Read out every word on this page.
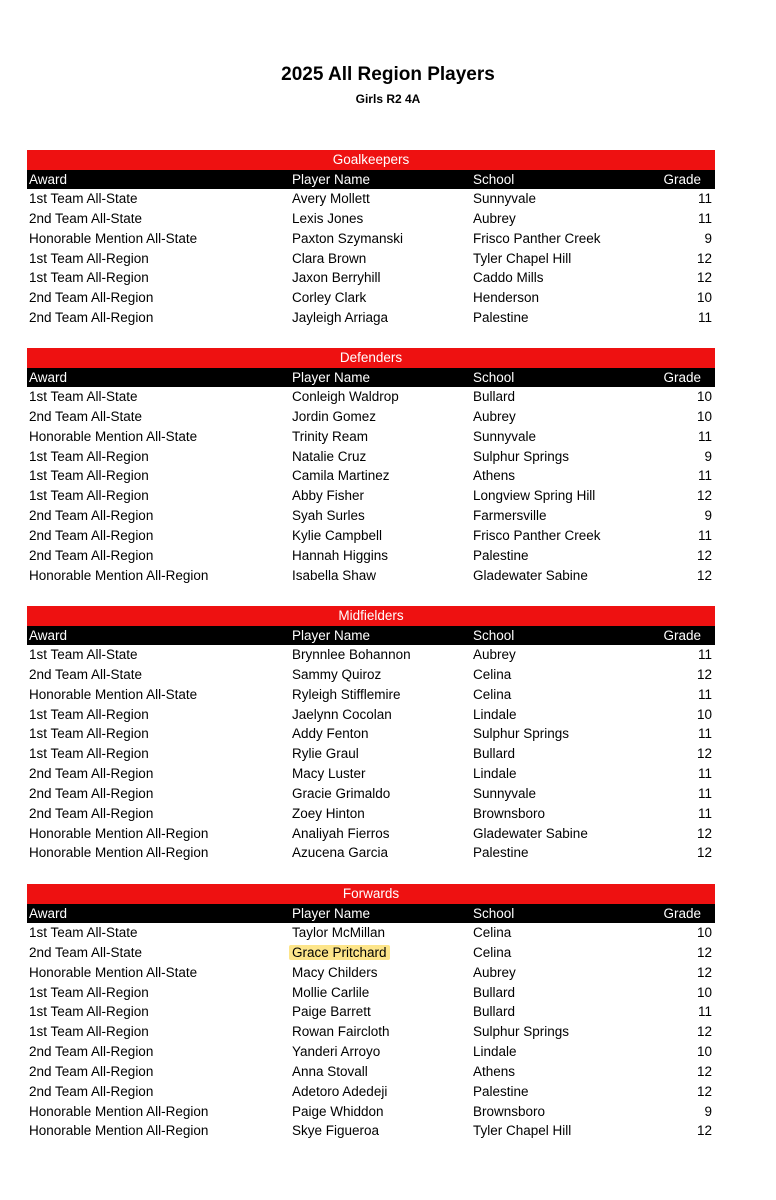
2025 All Region Players
Girls R2 4A
Goalkeepers
Award	Player Name	School	Grade
1st Team All-State	Avery Mollett	Sunnyvale	11
2nd Team All-State	Lexis Jones	Aubrey	11
Honorable Mention All-State	Paxton Szymanski	Frisco Panther Creek	9
1st Team All-Region	Clara Brown	Tyler Chapel Hill	12
1st Team All-Region	Jaxon Berryhill	Caddo Mills	12
2nd Team All-Region	Corley Clark	Henderson	10
2nd Team All-Region	Jayleigh Arriaga	Palestine	11
Defenders
Award	Player Name	School	Grade
1st Team All-State	Conleigh Waldrop	Bullard	10
2nd Team All-State	Jordin Gomez	Aubrey	10
Honorable Mention All-State	Trinity Ream	Sunnyvale	11
1st Team All-Region	Natalie Cruz	Sulphur Springs	9
1st Team All-Region	Camila Martinez	Athens	11
1st Team All-Region	Abby Fisher	Longview Spring Hill	12
2nd Team All-Region	Syah Surles	Farmersville	9
2nd Team All-Region	Kylie Campbell	Frisco Panther Creek	11
2nd Team All-Region	Hannah Higgins	Palestine	12
Honorable Mention All-Region	Isabella Shaw	Gladewater Sabine	12
Midfielders
Award	Player Name	School	Grade
1st Team All-State	Brynnlee Bohannon	Aubrey	11
2nd Team All-State	Sammy Quiroz	Celina	12
Honorable Mention All-State	Ryleigh Stifflemire	Celina	11
1st Team All-Region	Jaelynn Cocolan	Lindale	10
1st Team All-Region	Addy Fenton	Sulphur Springs	11
1st Team All-Region	Rylie Graul	Bullard	12
2nd Team All-Region	Macy Luster	Lindale	11
2nd Team All-Region	Gracie Grimaldo	Sunnyvale	11
2nd Team All-Region	Zoey Hinton	Brownsboro	11
Honorable Mention All-Region	Analiyah Fierros	Gladewater Sabine	12
Honorable Mention All-Region	Azucena Garcia	Palestine	12
Forwards
Award	Player Name	School	Grade
1st Team All-State	Taylor McMillan	Celina	10
2nd Team All-State	Grace Pritchard	Celina	12
Honorable Mention All-State	Macy Childers	Aubrey	12
1st Team All-Region	Mollie Carlile	Bullard	10
1st Team All-Region	Paige Barrett	Bullard	11
1st Team All-Region	Rowan Faircloth	Sulphur Springs	12
2nd Team All-Region	Yanderi Arroyo	Lindale	10
2nd Team All-Region	Anna Stovall	Athens	12
2nd Team All-Region	Adetoro Adedeji	Palestine	12
Honorable Mention All-Region	Paige Whiddon	Brownsboro	9
Honorable Mention All-Region	Skye Figueroa	Tyler Chapel Hill	12
